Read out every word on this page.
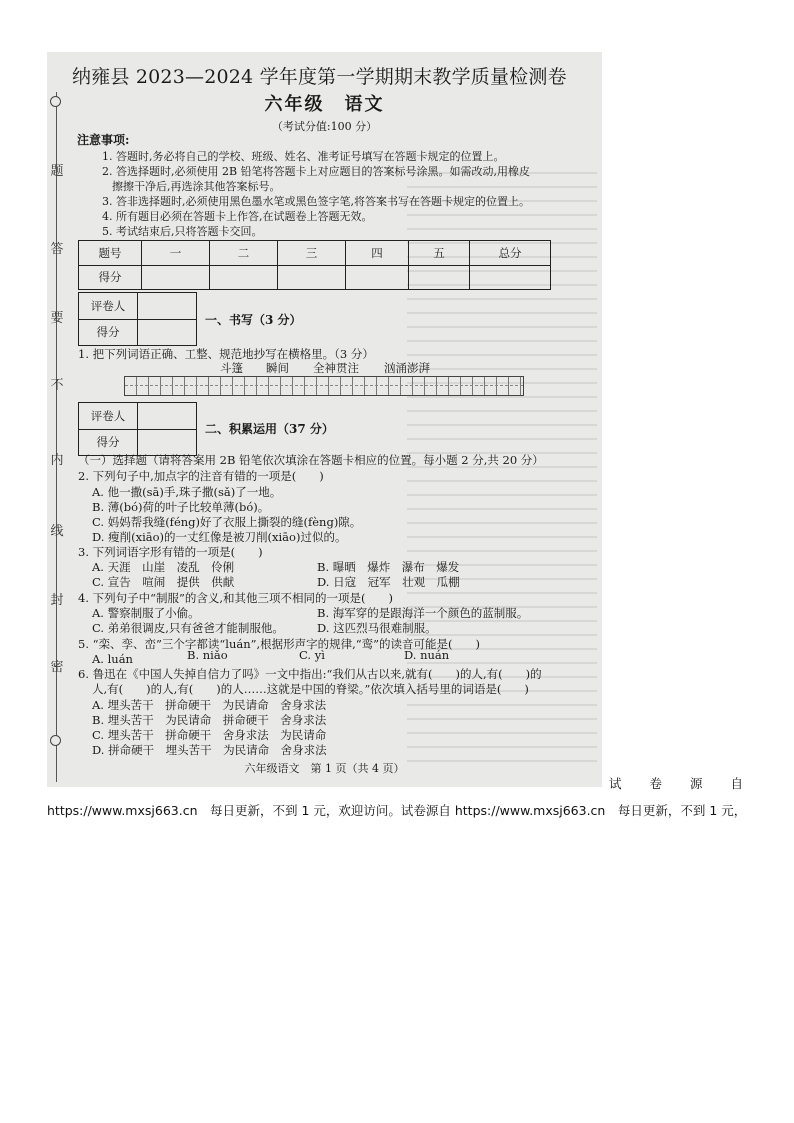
题
答
要
不
内
线
封
密
纳雍县 2023—2024 学年度第一学期期末教学质量检测卷
六年级　语文
（考试分值:100 分）
注意事项:
1. 答题时,务必将自己的学校、班级、姓名、准考证号填写在答题卡规定的位置上。
2. 答选择题时,必须使用 2B 铅笔将答题卡上对应题目的答案标号涂黑。如需改动,用橡皮
擦擦干净后,再选涂其他答案标号。
3. 答非选择题时,必须使用黑色墨水笔或黑色签字笔,将答案书写在答题卡规定的位置上。
4. 所有题目必须在答题卡上作答,在试题卷上答题无效。
5. 考试结束后,只将答题卡交回。
题号	一	二	三	四	五	总分
得分						
评卷人
得分
一、书写（3 分）
1. 把下列词语正确、工整、规范地抄写在横格里。（3 分）
斗篷 瞬间 全神贯注 汹涌澎湃
评卷人
得分
二、积累运用（37 分）
（一）选择题（请将答案用 2B 铅笔依次填涂在答题卡相应的位置。每小题 2 分,共 20 分）
2. 下列句子中,加点字的注音有错的一项是(　　)
A. 他一撒(sā)手,珠子撒(sǎ)了一地。
B. 薄(bó)荷的叶子比较单薄(bó)。
C. 妈妈帮我缝(féng)好了衣服上撕裂的缝(fèng)隙。
D. 瘦削(xiāo)的一丈红像是被刀削(xiāo)过似的。
3. 下列词语字形有错的一项是(　　)
A. 天涯　山崖　凌乱　伶俐	B. 曝晒　爆炸　瀑布　爆发
C. 宣告　喧闹　提供　供献	D. 日寇　冠军　壮观　瓜棚
4. 下列句子中“制服”的含义,和其他三项不相同的一项是(　　)
A. 警察制服了小偷。	B. 海军穿的是跟海洋一个颜色的蓝制服。
C. 弟弟很调皮,只有爸爸才能制服他。	D. 这匹烈马很难制服。
5. “栾、孪、峦”三个字都读“luán”,根据形声字的规律,“鸾”的读音可能是(　　)
A. luán	B. niǎo	C. yì	D. nuán
6. 鲁迅在《中国人失掉自信力了吗》一文中指出:“我们从古以来,就有(　　)的人,有(　　)的
人,有(　　)的人,有(　　)的人……这就是中国的脊梁。”依次填入括号里的词语是(　　)
A. 埋头苦干　拼命硬干　为民请命　舍身求法
B. 埋头苦干　为民请命　拼命硬干　舍身求法
C. 埋头苦干　拼命硬干　舍身求法　为民请命
D. 拼命硬干　埋头苦干　为民请命　舍身求法
六年级语文　第 1 页（共 4 页）
试　　卷　　源　　自
https://www.mxsj663.cn　每日更新，不到 1 元，欢迎访问。试卷源自 https://www.mxsj663.cn　每日更新，不到 1 元，
